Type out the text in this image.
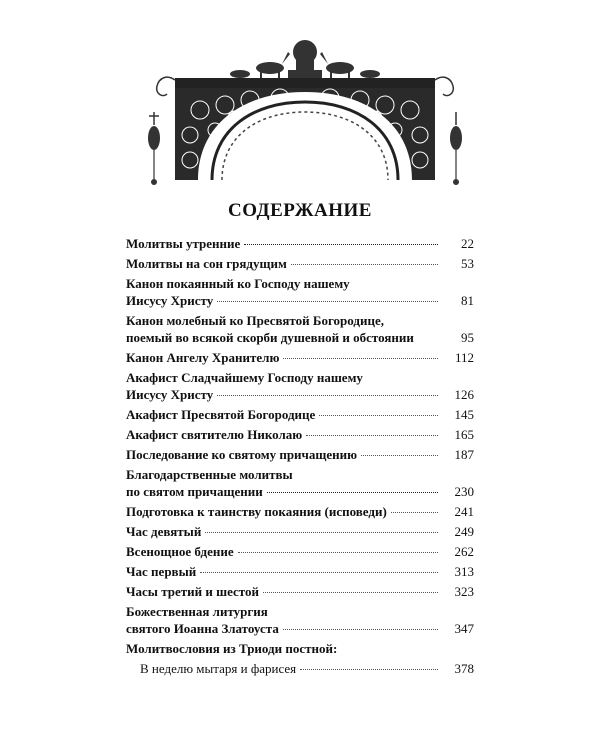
СОДЕРЖАНИЕ
Молитвы утренние	22
Молитвы на сон грядущим	53
Канон покаянный ко Господу нашему
Иисусу Христу	81
Канон молебный ко Пресвятой Богородице,
поемый во всякой скорби душевной и обстоянии	95
Канон Ангелу Хранителю	112
Акафист Сладчайшему Господу нашему
Иисусу Христу	126
Акафист Пресвятой Богородице	145
Акафист святителю Николаю	165
Последование ко святому причащению	187
Благодарственные молитвы
по святом причащении	230
Подготовка к таинству покаяния (исповеди)	241
Час девятый	249
Всенощное бдение	262
Час первый	313
Часы третий и шестой	323
Божественная литургия
святого Иоанна Златоуста	347
Молитвословия из Триоди постной:
В неделю мытаря и фарисея	378
